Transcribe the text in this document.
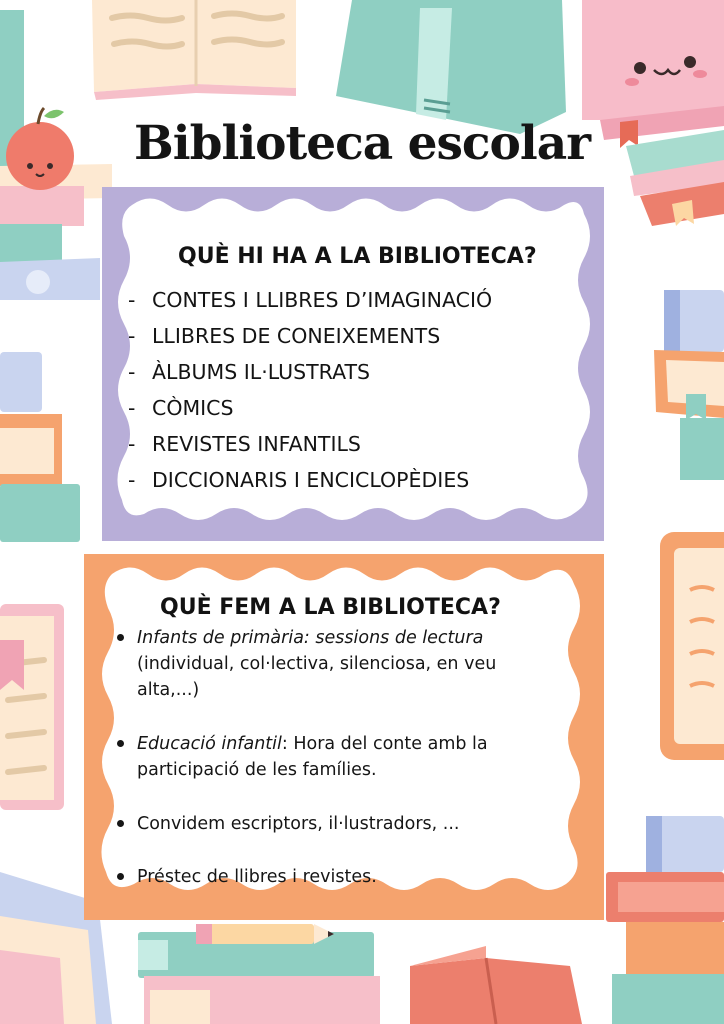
Biblioteca escolar
QUÈ HI HA A LA BIBLIOTECA?
- CONTES I LLIBRES D’IMAGINACIÓ
- LLIBRES DE CONEIXEMENTS
- ÀLBUMS IL·LUSTRATS
- CÒMICS
- REVISTES INFANTILS
- DICCIONARIS I ENCICLOPÈDIES
QUÈ FEM A LA BIBLIOTECA?
Infants de primària: sessions de lectura (individual, col·lectiva, silenciosa, en veu alta,...)
Educació infantil: Hora del conte amb la participació de les famílies.
Convidem escriptors, il·lustradors, ...
Préstec de llibres i revistes.
